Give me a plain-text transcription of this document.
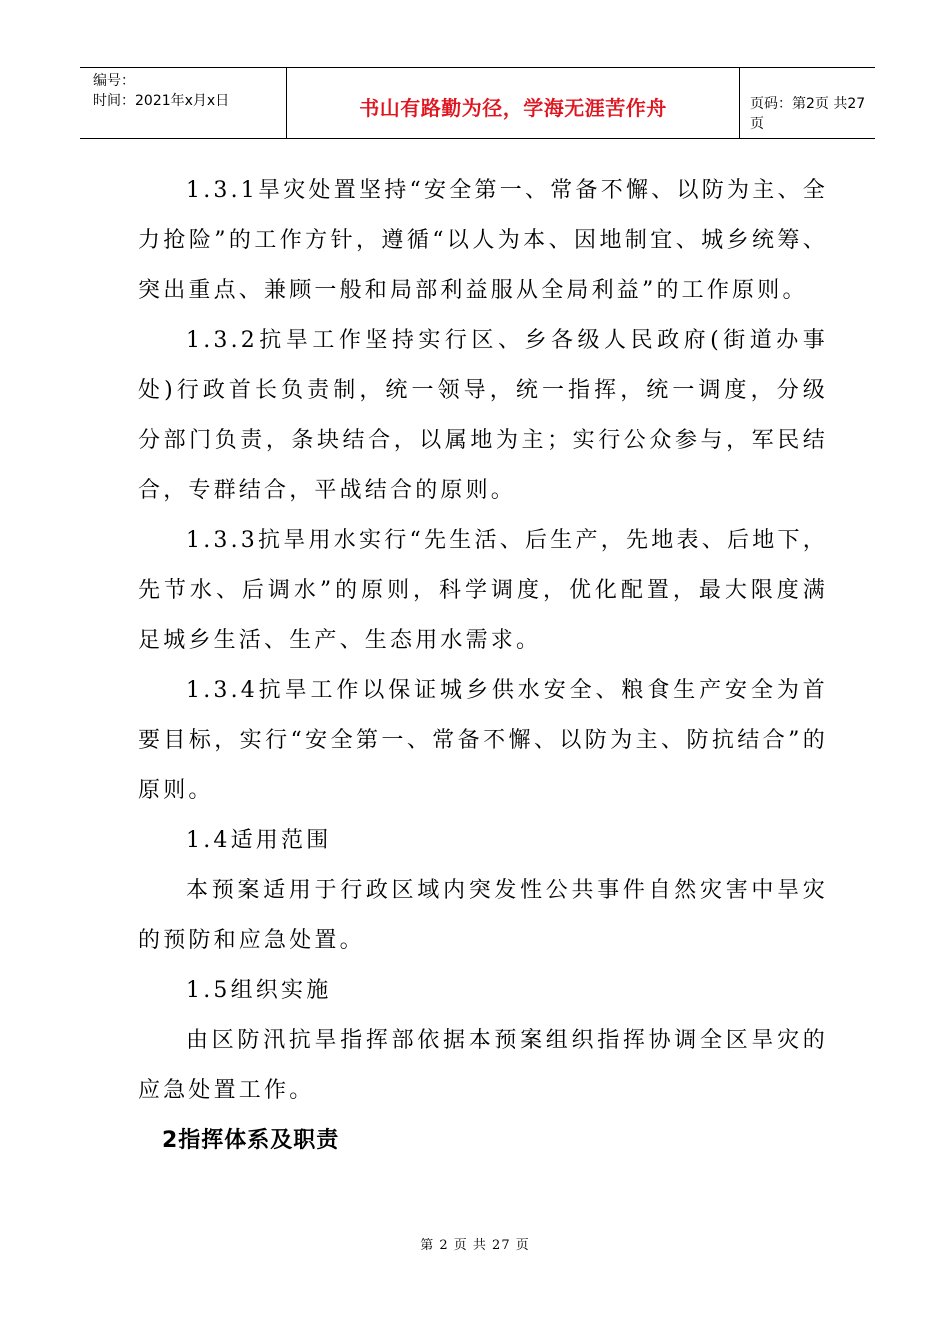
编号：
时间：2021年x月x日	书山有路勤为径，学海无涯苦作舟	页码：第2页 共27页

1.3.1旱灾处置坚持“安全第一、常备不懈、以防为主、全力抢险”的工作方针，遵循“以人为本、因地制宜、城乡统筹、突出重点、兼顾一般和局部利益服从全局利益”的工作原则。

1.3.2抗旱工作坚持实行区、乡各级人民政府(街道办事处)行政首长负责制，统一领导，统一指挥，统一调度，分级分部门负责，条块结合，以属地为主；实行公众参与，军民结合，专群结合，平战结合的原则。

1.3.3抗旱用水实行“先生活、后生产，先地表、后地下，先节水、后调水”的原则，科学调度，优化配置，最大限度满足城乡生活、生产、生态用水需求。

1.3.4抗旱工作以保证城乡供水安全、粮食生产安全为首要目标，实行“安全第一、常备不懈、以防为主、防抗结合”的原则。

1.4适用范围

本预案适用于行政区域内突发性公共事件自然灾害中旱灾的预防和应急处置。

1.5组织实施

由区防汛抗旱指挥部依据本预案组织指挥协调全区旱灾的应急处置工作。

2指挥体系及职责

第 2 页 共 27 页
